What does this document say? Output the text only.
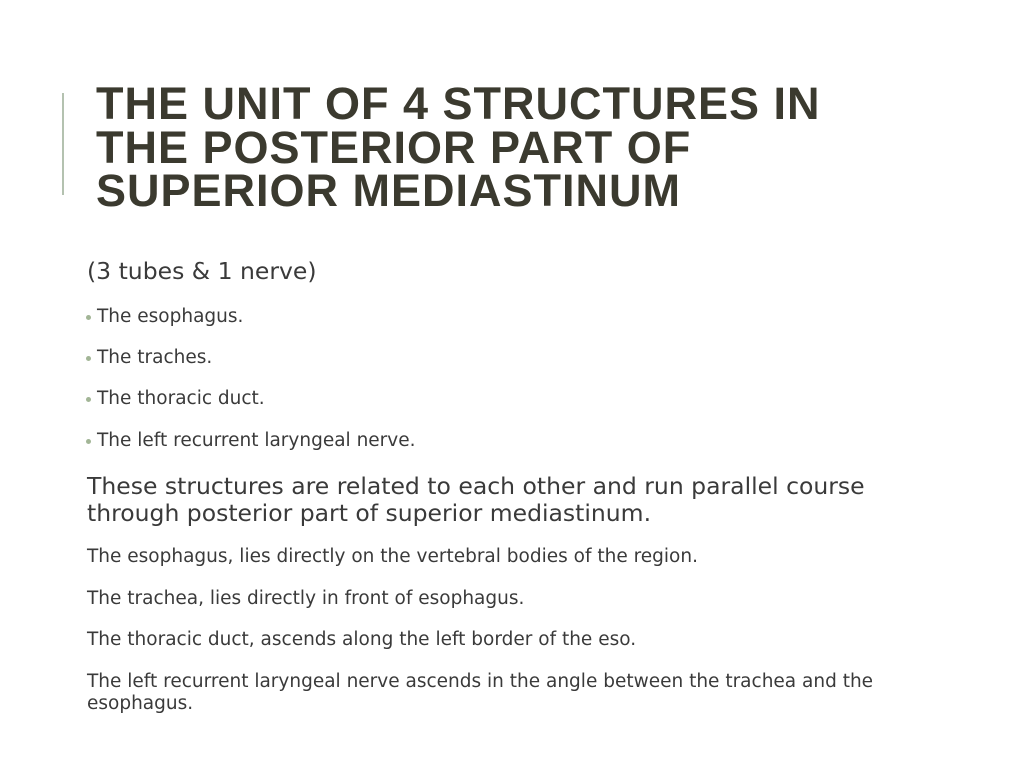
THE UNIT OF 4 STRUCTURES IN
THE POSTERIOR PART OF
SUPERIOR MEDIASTINUM

(3 tubes & 1 nerve)

The esophagus.
The traches.
The thoracic duct.
The left recurrent laryngeal nerve.

These structures are related to each other and run parallel course through posterior part of superior mediastinum.

The esophagus, lies directly on the vertebral bodies of the region.

The trachea, lies directly in front of esophagus.

The thoracic duct, ascends along the left border of the eso.

The left recurrent laryngeal nerve ascends in the angle between the trachea and the esophagus.
